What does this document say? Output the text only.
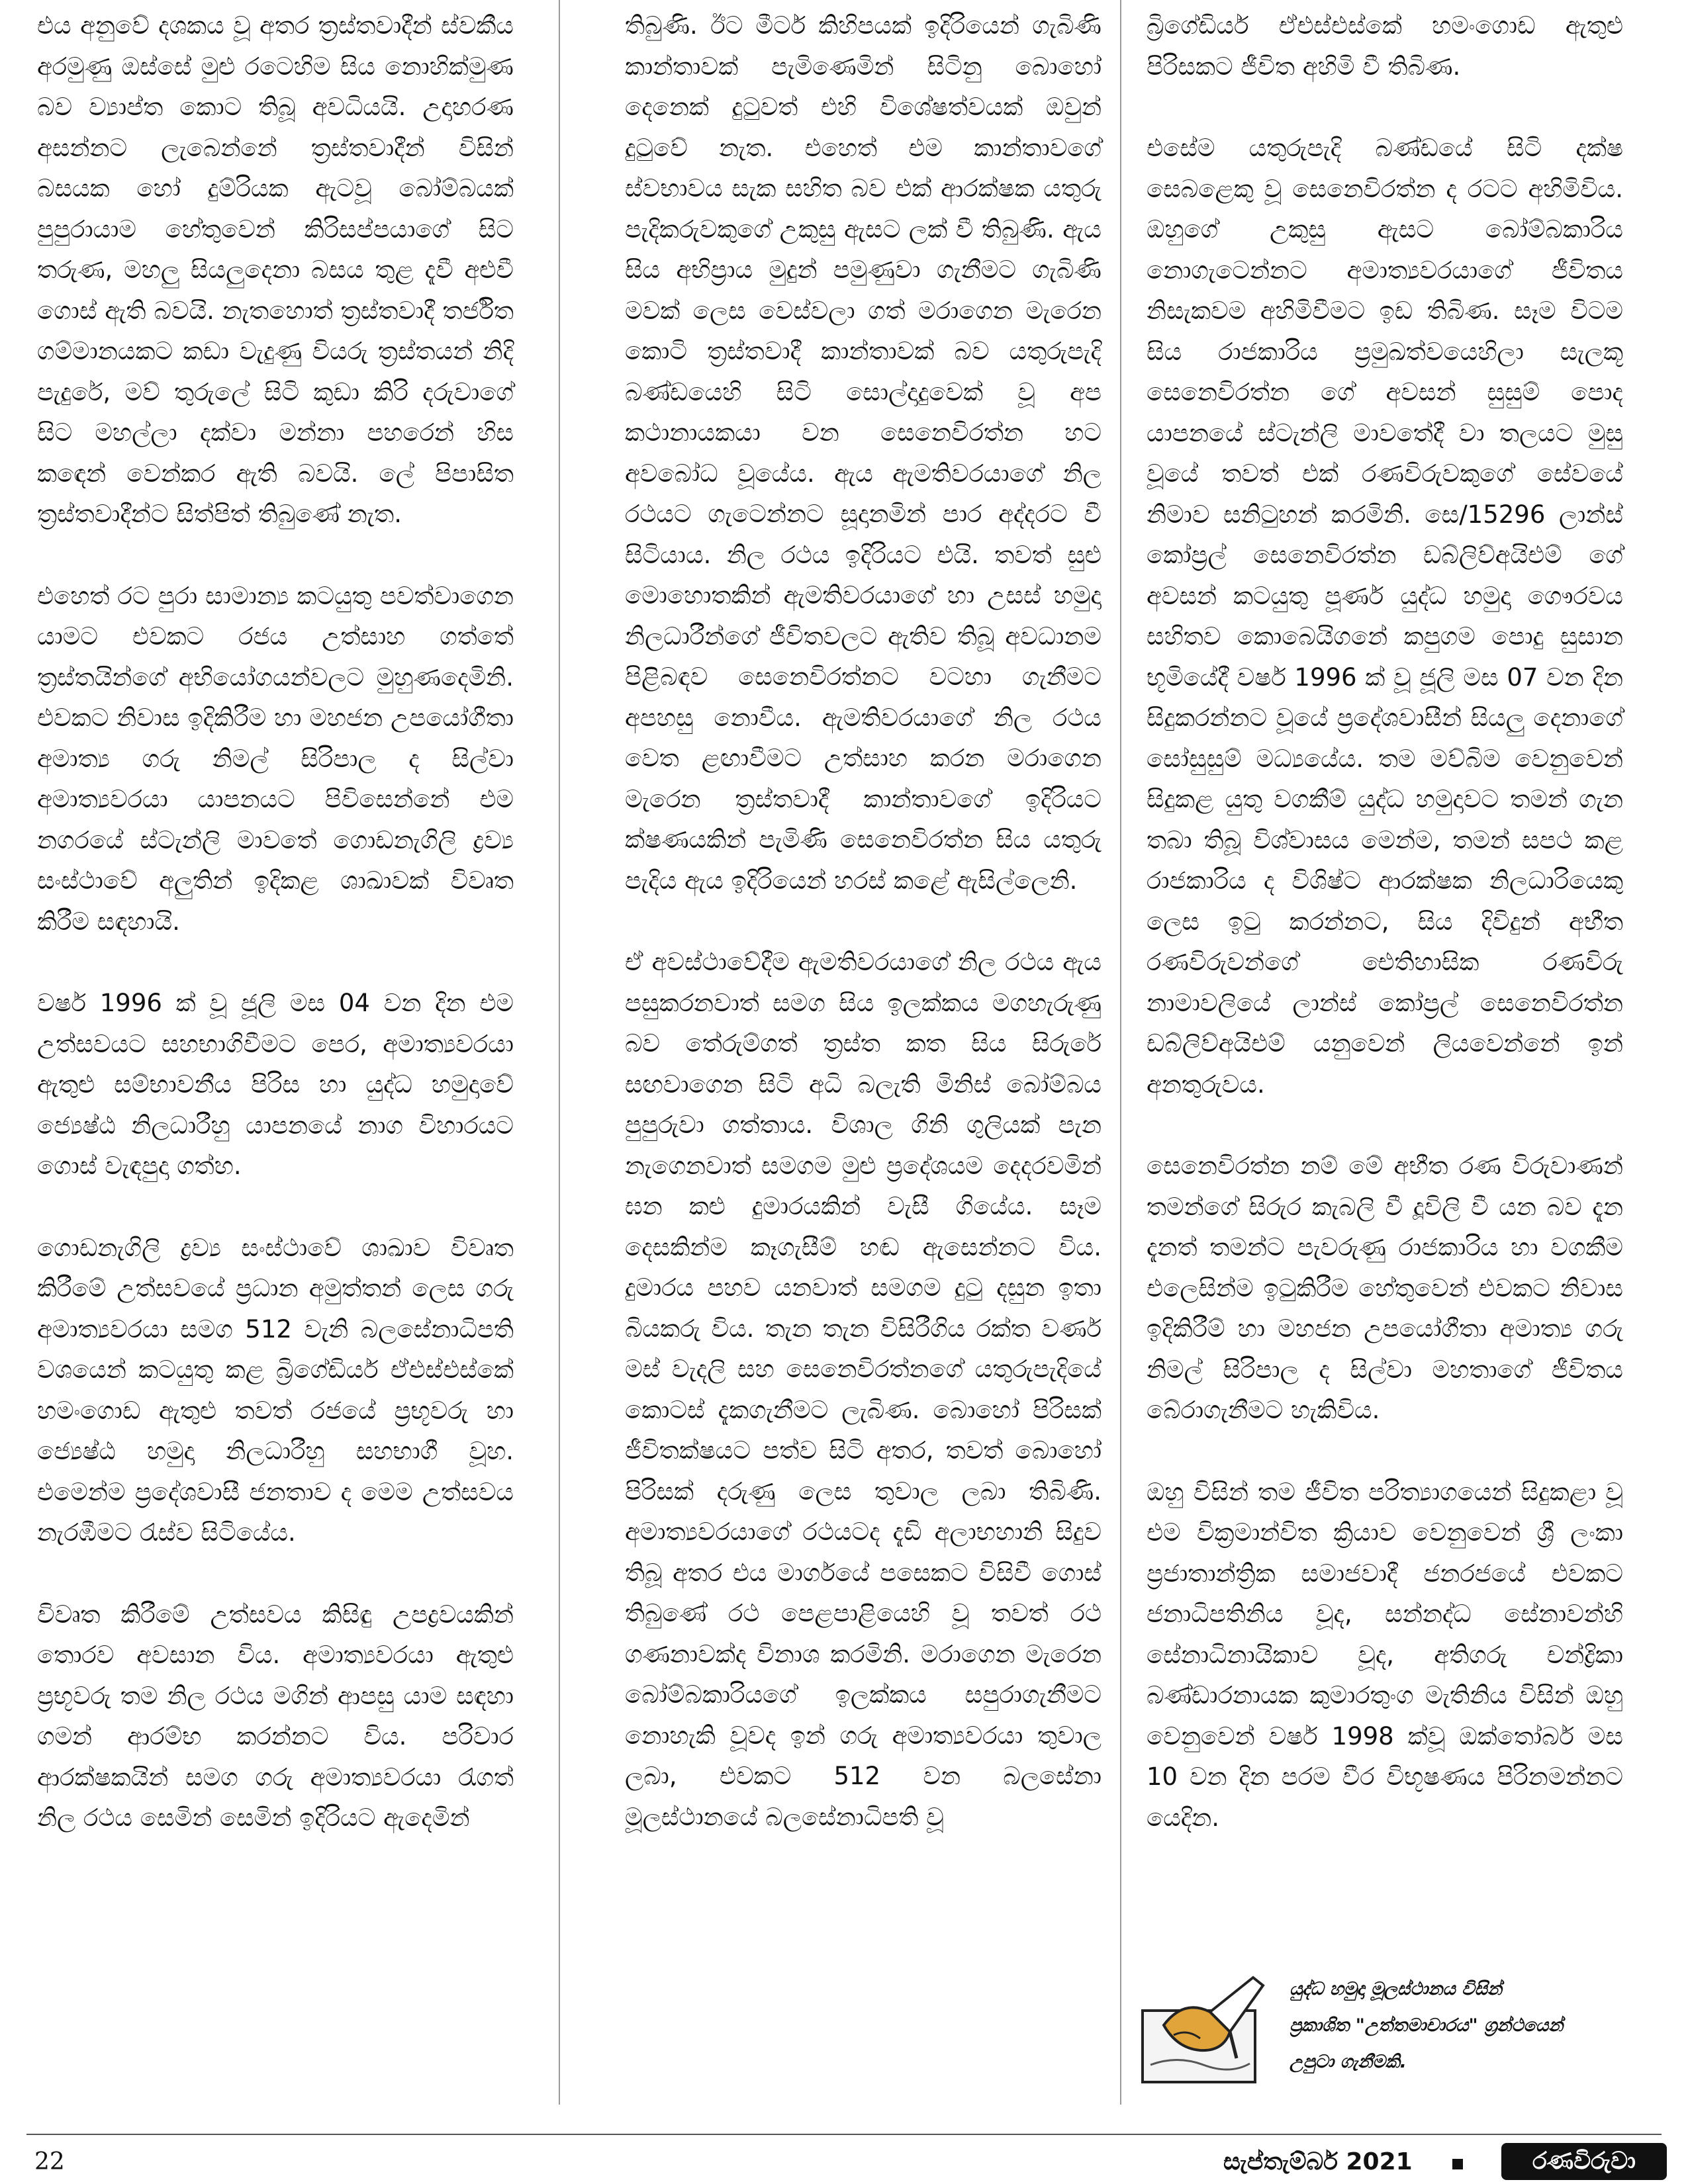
එය අනුවේ දශකය වූ අතර ත්‍රස්තවාදීන් ස්වකීය අරමුණු ඔස්සේ මුළු රටෙහිම සිය නොහික්මුණ බව ව්‍යාප්ත කොට තිබූ අවධියයි. උදාහරණ අසන්නට ලැබෙන්නේ ත්‍රස්තවාදීන් විසින් බසයක හෝ දුම්රියක ඇටවූ බෝම්බයක් පුපුරායාම හේතුවෙන් කිරිසප්පයාගේ සිට තරුණ, මහලු සියලුදෙනා බසය තුළ දැවී අළුවී ගොස් ඇති බවයි. නැතහොත් ත්‍රස්තවාදී තර්ජිත ගම්මානයකට කඩා වැදුණු වියරු ත්‍රස්තයන් නිදි පැදුරේ, මව් තුරුලේ සිටි කුඩා කිරි දරුවාගේ සිට මහල්ලා දක්වා මන්නා පහරෙන් හිස කඳෙන් වෙන්කර ඇති බවයි. ලේ පිපාසිත ත්‍රස්තවාදීන්ට සිත්පිත් තිබුණේ නැත.

එහෙත් රට පුරා සාමාන්‍ය කටයුතු පවත්වාගෙන යාමට එවකට රජය උත්සාහ ගත්තේ ත්‍රස්තයින්ගේ අභියෝගයන්වලට මුහුණදෙමිනි. එවකට නිවාස ඉදිකිරීම හා මහජන උපයෝගීතා අමාත්‍ය ගරු නිමල් සිරිපාල ද සිල්වා අමාත්‍යවරයා යාපනයට පිවිසෙන්නේ එම නගරයේ ස්ටැන්ලි මාවතේ ගොඩනැගිලි ද්‍රව්‍ය සංස්ථාවේ අලුතින් ඉදිකළ ශාඛාවක් විවෘත කිරීම සඳහායි.

වර්ෂ 1996 ක් වූ ජූලි මස 04 වන දින එම උත්සවයට සහභාගිවීමට පෙර, අමාත්‍යවරයා ඇතුළු සම්භාවනීය පිරිස හා යුද්ධ හමුදාවේ ජ්‍යෙෂ්ඨ නිලධාරීහු යාපනයේ නාග විහාරයට ගොස් වැඳපුදා ගත්හ.

ගොඩනැගිලි ද්‍රව්‍ය සංස්ථාවේ ශාඛාව විවෘත කිරීමේ උත්සවයේ ප්‍රධාන අමුත්තන් ලෙස ගරු අමාත්‍යවරයා සමග 512 වැනි බලසේනාධිපති වශයෙන් කටයුතු කළ බ්‍රිගේඩියර් ඒඑස්එස්කේ හමංගොඩ ඇතුළු තවත් රජයේ ප්‍රභූවරු හා ජ්‍යෙෂ්ඨ හමුදා නිලධාරීහු සහභාගී වූහ. එමෙන්ම ප්‍රදේශවාසී ජනතාව ද මෙම උත්සවය නැරඹීමට රැස්ව සිටියේය.

විවෘත කිරීමේ උත්සවය කිසිඳු උපද්‍රවයකින් තොරව අවසාන විය. අමාත්‍යවරයා ඇතුළු ප්‍රභූවරු තම නිල රථය මගින් ආපසු යාම සඳහා ගමන් ආරම්භ කරන්නට විය. පරිවාර ආරක්ෂකයින් සමග ගරු අමාත්‍යවරයා රැගත් නිල රථය සෙමින් සෙමින් ඉදිරියට ඇදෙමින්

තිබුණි. ඊට මීටර් කිහිපයක් ඉදිරියෙන් ගැබිණි කාන්තාවක් පැමිණෙමින් සිටිනු බොහෝ දෙනෙක් දුටුවත් එහි විශේෂත්වයක් ඔවුන් දුටුවේ නැත. එහෙත් එම කාන්තාවගේ ස්වභාවය සැක සහිත බව එක් ආරක්ෂක යතුරු පැදිකරුවකුගේ උකුසු ඇසට ලක් වී තිබුණි. ඇය සිය අභිප්‍රාය මුදුන් පමුණුවා ගැනීමට ගැබිණි මවක් ලෙස වෙස්වලා ගත් මරාගෙන මැරෙන කොටි ත්‍රස්තවාදී කාන්තාවක් බව යතුරුපැදි බණ්ඩයෙහි සිටි සොල්දාදුවෙක් වූ අප කථානායකයා වන සෙනෙවිරත්න හට අවබෝධ වූයේය. ඇය ඇමතිවරයාගේ නිල රථයට ගැටෙන්නට සූදානමින් පාර අද්දරට වී සිටියාය. නිල රථය ඉදිරියට එයි. තවත් සුළු මොහොතකින් ඇමතිවරයාගේ හා උසස් හමුදා නිලධාරීන්ගේ ජීවිතවලට ඇතිව තිබූ අවධානම පිළිබඳව සෙනෙවිරත්නට වටහා ගැනීමට අපහසු නොවීය. ඇමතිවරයාගේ නිල රථය වෙත ළඟාවීමට උත්සාහ කරන මරාගෙන මැරෙන ත්‍රස්තවාදී කාන්තාවගේ ඉදිරියට ක්ෂණයකින් පැමිණි සෙනෙවිරත්න සිය යතුරු පැදිය ඇය ඉදිරියෙන් හරස් කළේ ඇසිල්ලෙනි.

ඒ අවස්ථාවේදීම ඇමතිවරයාගේ නිල රථය ඇය පසුකරනවාත් සමග සිය ඉලක්කය මගහැරුණු බව තේරුම්ගත් ත්‍රස්ත කත සිය සිරුරේ සඟවාගෙන සිටි අධි බලැති මිනිස් බෝම්බය පුපුරුවා ගත්තාය. විශාල ගිනි ගුලියක් පැන නැගෙනවාත් සමගම මුළු ප්‍රදේශයම දෙදරවමින් ඝන කළු දුමාරයකින් වැසී ගියේය. සෑම දෙසකින්ම කෑගැසීම් හඬ ඇසෙන්නට විය. දුමාරය පහව යනවාත් සමගම දුටු දසුන ඉතා බියකරු විය. තැන තැන විසිරීගිය රක්ත වර්ණ මස් වැදලි සහ සෙනෙවිරත්නගේ යතුරුපැදියේ කොටස් දැකගැනීමට ලැබිණ. බොහෝ පිරිසක් ජීවිතක්ෂයට පත්ව සිටි අතර, තවත් බොහෝ පිරිසක් දරුණු ලෙස තුවාල ලබා තිබිණි. අමාත්‍යවරයාගේ රථයටද දැඩි අලාභහානි සිදුව තිබූ අතර එය මාර්ගයේ පසෙකට විසිවී ගොස් තිබුණේ රථ පෙළපාළියෙහි වූ තවත් රථ ගණනාවක්ද විනාශ කරමිනි. මරාගෙන මැරෙන බෝම්බකාරියගේ ඉලක්කය සපුරාගැනීමට නොහැකි වූවද ඉන් ගරු අමාත්‍යවරයා තුවාල ලබා, එවකට 512 වන බලසේනා මූලස්ථානයේ බලසේනාධිපති වූ

බ්‍රිගේඩියර් ඒඑස්එස්කේ හමංගොඩ ඇතුළු පිරිසකට ජීවිත අහිමි වී තිබිණ.

එසේම යතුරුපැදි බණ්ඩයේ සිටි දක්ෂ සෙබළෙකු වූ සෙනෙවිරත්න ද රටට අහිමිවිය. ඔහුගේ උකුසු ඇසට බෝම්බකාරිය නොගැටෙන්නට අමාත්‍යවරයාගේ ජීවිතය නිසැකවම අහිමිවීමට ඉඩ තිබිණ. සෑම විටම සිය රාජකාරිය ප්‍රමුඛත්වයෙහිලා සැලකූ සෙනෙවිරත්න ගේ අවසන් සුසුම් පොද යාපනයේ ස්ටැන්ලි මාවතේදී වා තලයට මුසු වූයේ තවත් එක් රණවිරුවකුගේ සේවයේ නිමාව සනිටුහන් කරමිනි. සෙ/15296 ලාන්ස් කෝප්‍රල් සෙනෙවිරත්න ඩබ්ලිව්අයිඑම් ගේ අවසන් කටයුතු පූර්ණ යුද්ධ හමුදා ගෞරවය සහිතව කොබෙයිගනේ කපුගම පොදු සුසාන භූමියේදී වර්ෂ 1996 ක් වූ ජූලි මස 07 වන දින සිදුකරන්නට වූයේ ප්‍රදේශවාසීන් සියලු දෙනාගේ සෝසුසුම් මධ්‍යයේය. තම මව්බිම වෙනුවෙන් සිදුකළ යුතු වගකීම් යුද්ධ හමුදාවට තමන් ගැන තබා තිබූ විශ්වාසය මෙන්ම, තමන් සපථ කළ රාජකාරිය ද විශිෂ්ට ආරක්ෂක නිලධාරියෙකු ලෙස ඉටු කරන්නට, සිය දිවිදුන් අභීත රණවිරුවන්ගේ ඓතිහාසික රණවිරු නාමාවලියේ ලාන්ස් කෝප්‍රල් සෙනෙවිරත්න ඩබ්ලිව්අයිඑම් යනුවෙන් ලියවෙන්නේ ඉන් අනතුරුවය.

සෙනෙවිරත්න නම් මේ අභීත රණ විරුවාණන් තමන්ගේ සිරුර කැබලි වී දූවිලි වී යන බව දැන දැනත් තමන්ට පැවරුණු රාජකාරිය හා වගකීම එලෙසින්ම ඉටුකිරීම හේතුවෙන් එවකට නිවාස ඉදිකිරීම් හා මහජන උපයෝගීතා අමාත්‍ය ගරු නිමල් සිරිපාල ද සිල්වා මහතාගේ ජීවිතය බේරාගැනීමට හැකිවිය.

ඔහු විසින් තම ජීවිත පරිත්‍යාගයෙන් සිදුකළා වූ එම වික්‍රමාන්විත ක්‍රියාව වෙනුවෙන් ශ්‍රී ලංකා ප්‍රජාතාන්ත්‍රික සමාජවාදී ජනරජයේ එවකට ජනාධිපතිනිය වූද, සන්නද්ධ සේනාවන්හි සේනාධිනායිකාව වූද, අතිගරු චන්ද්‍රිකා බණ්ඩාරනායක කුමාරතුංග මැතිනිය විසින් ඔහු වෙනුවෙන් වර්ෂ 1998 ක්වූ ඔක්තෝබර් මස 10 වන දින පරම වීර විභූෂණය පිරිනමන්නට යෙදින.

යුද්ධ හමුදා මූලස්ථානය විසින්
ප්‍රකාශිත "උත්තමාචාරය" ග්‍රන්ථයෙන්
උපුටා ගැනීමකි.
22	සැප්තැම්බර් 2021	රණවිරුවා
